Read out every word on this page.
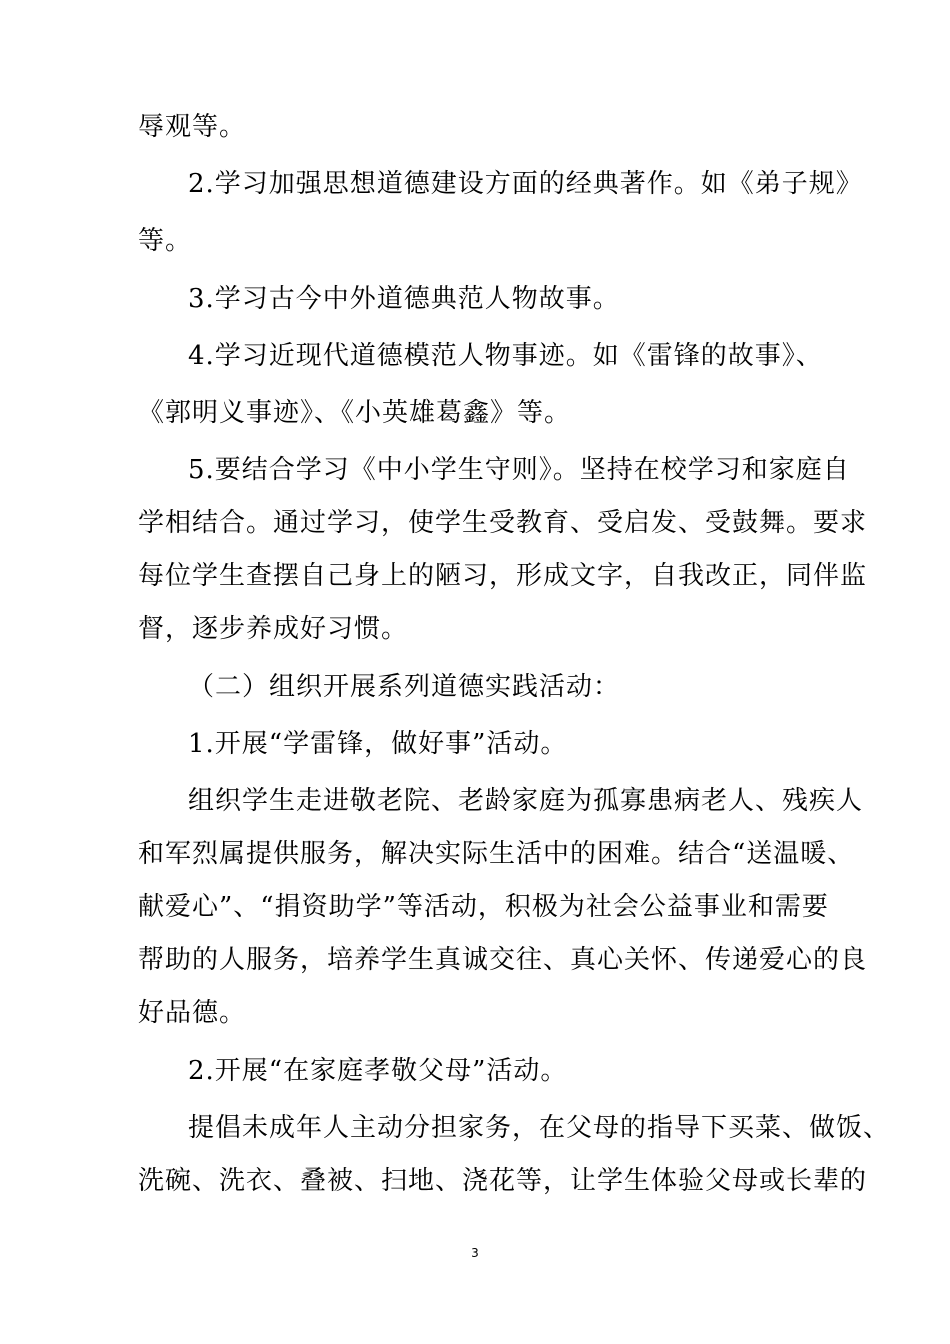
辱观等。
2.学习加强思想道德建设方面的经典著作。如《弟子规》
等。
3.学习古今中外道德典范人物故事。
4.学习近现代道德模范人物事迹。如《雷锋的故事》、
《郭明义事迹》、《小英雄葛鑫》等。
5.要结合学习《中小学生守则》。坚持在校学习和家庭自
学相结合。通过学习，使学生受教育、受启发、受鼓舞。要求
每位学生查摆自己身上的陋习，形成文字，自我改正，同伴监
督，逐步养成好习惯。
（二）组织开展系列道德实践活动：
1.开展“学雷锋，做好事”活动。
组织学生走进敬老院、老龄家庭为孤寡患病老人、残疾人
和军烈属提供服务，解决实际生活中的困难。结合“送温暖、
献爱心”、“捐资助学”等活动，积极为社会公益事业和需要
帮助的人服务，培养学生真诚交往、真心关怀、传递爱心的良
好品德。
2.开展“在家庭孝敬父母”活动。
提倡未成年人主动分担家务，在父母的指导下买菜、做饭、
洗碗、洗衣、叠被、扫地、浇花等，让学生体验父母或长辈的
3
